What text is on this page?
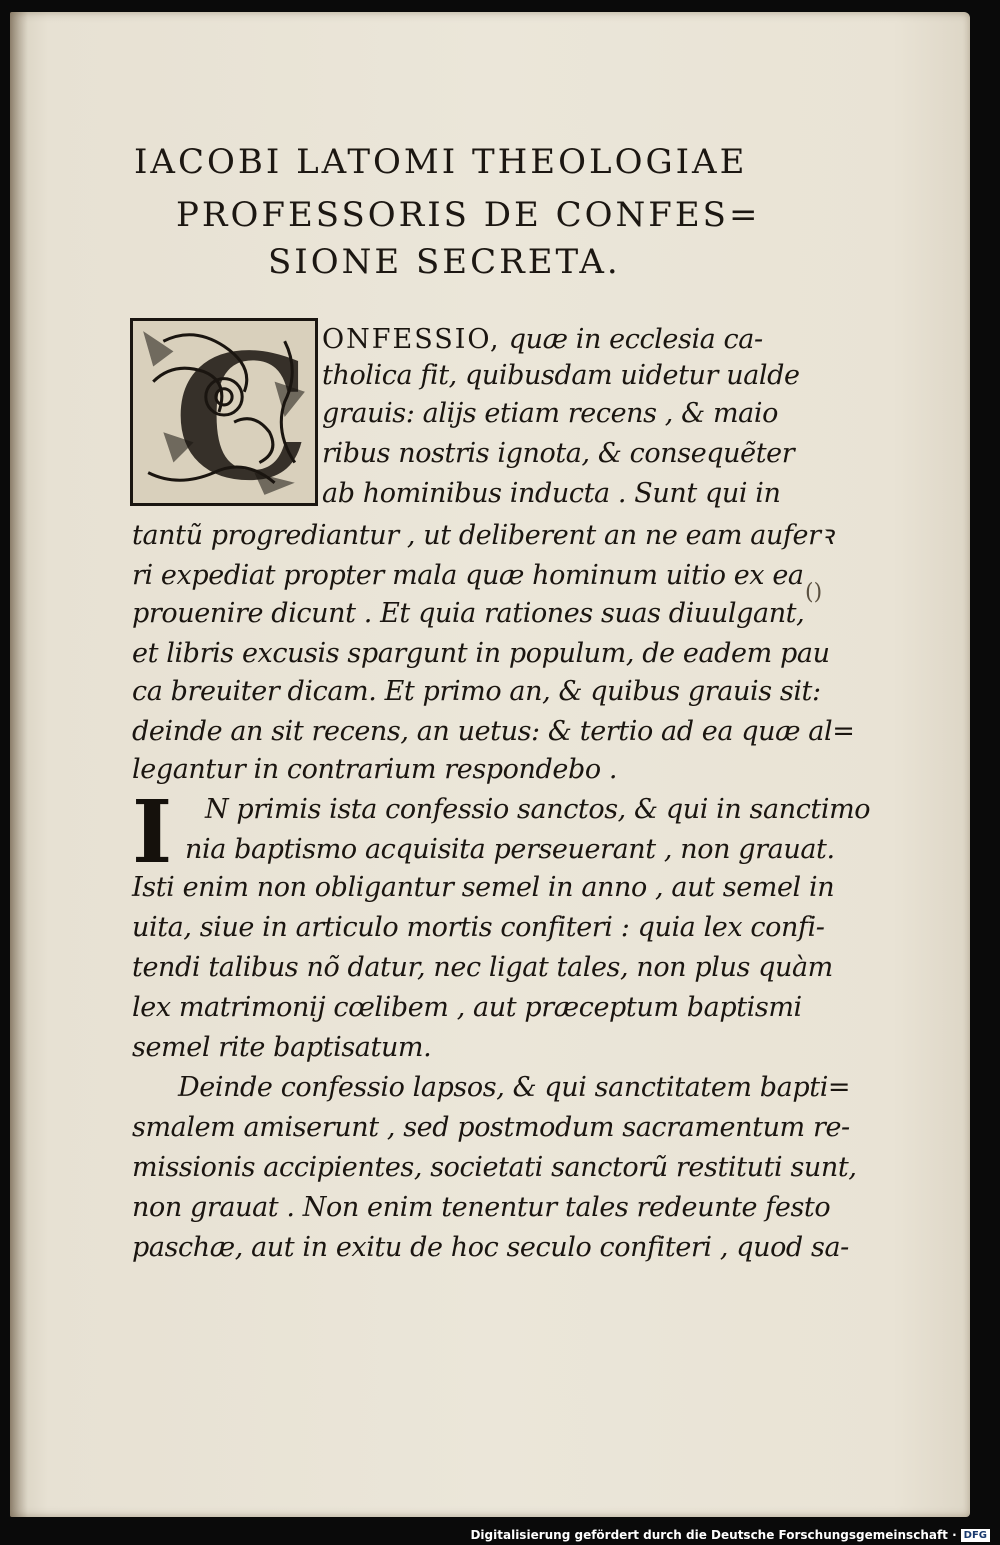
IACOBI LATOMI THEOLOGIAE
PROFESSORIS DE CONFES=
SIONE SECRETA.
C ONFESSIO, quæ in ecclesia ca-
tholica fit, quibusdam uidetur ualde
grauis: alijs etiam recens , & maio
ribus nostris ignota, & consequẽter
ab hominibus inducta . Sunt qui in
tantũ progrediantur , ut deliberent an ne eam auferꝛ
ri expediat propter mala quæ hominum uitio ex ea
prouenire dicunt . Et quia rationes suas diuulgant,
et libris excusis spargunt in populum, de eadem pau
ca breuiter dicam. Et primo an, & quibus grauis sit:
deinde an sit recens, an uetus: & tertio ad ea quæ al=
legantur in contrarium respondebo .
I N primis ista confessio sanctos, & qui in sanctimo
nia baptismo acquisita perseuerant , non grauat.
Isti enim non obligantur semel in anno , aut semel in
uita, siue in articulo mortis confiteri : quia lex confi-
tendi talibus nõ datur, nec ligat tales, non plus quàm
lex matrimonij cœlibem , aut præceptum baptismi
semel rite baptisatum.
Deinde confessio lapsos, & qui sanctitatem bapti=
smalem amiserunt , sed postmodum sacramentum re-
missionis accipientes, societati sanctorũ restituti sunt,
non grauat . Non enim tenentur tales redeunte festo
paschæ, aut in exitu de hoc seculo confiteri , quod sa-
()
Digitalisierung gefördert durch die Deutsche Forschungsgemeinschaft · DFG
